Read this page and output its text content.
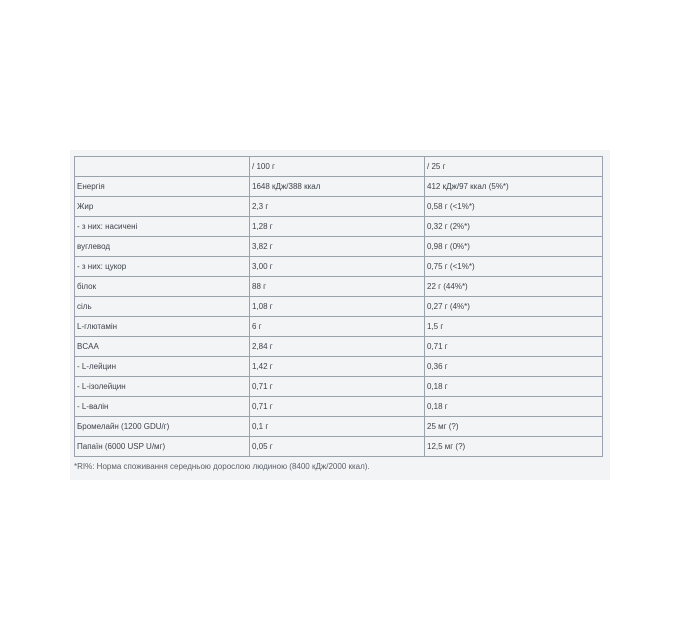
	/ 100 г	/ 25 г
Енергія	1648 кДж/388 ккал	412 кДж/97 ккал (5%*)
Жир	2,3 г	0,58 г (<1%*)
- з них: насичені	1,28 г	0,32 г (2%*)
вуглевод	3,82 г	0,98 г (0%*)
- з них: цукор	3,00 г	0,75 г (<1%*)
білок	88 г	22 г (44%*)
сіль	1,08 г	0,27 г (4%*)
L-глютамін	6 г	1,5 г
BCAA	2,84 г	0,71 г
- L-лейцин	1,42 г	0,36 г
- L-ізолейцин	0,71 г	0,18 г
- L-валін	0,71 г	0,18 г
Бромелайн (1200 GDU/г)	0,1 г	25 мг (?)
Папаїн (6000 USP U/мг)	0,05 г	12,5 мг (?)
*RI%: Норма споживання середньою дорослою людиною (8400 кДж/2000 ккал).
